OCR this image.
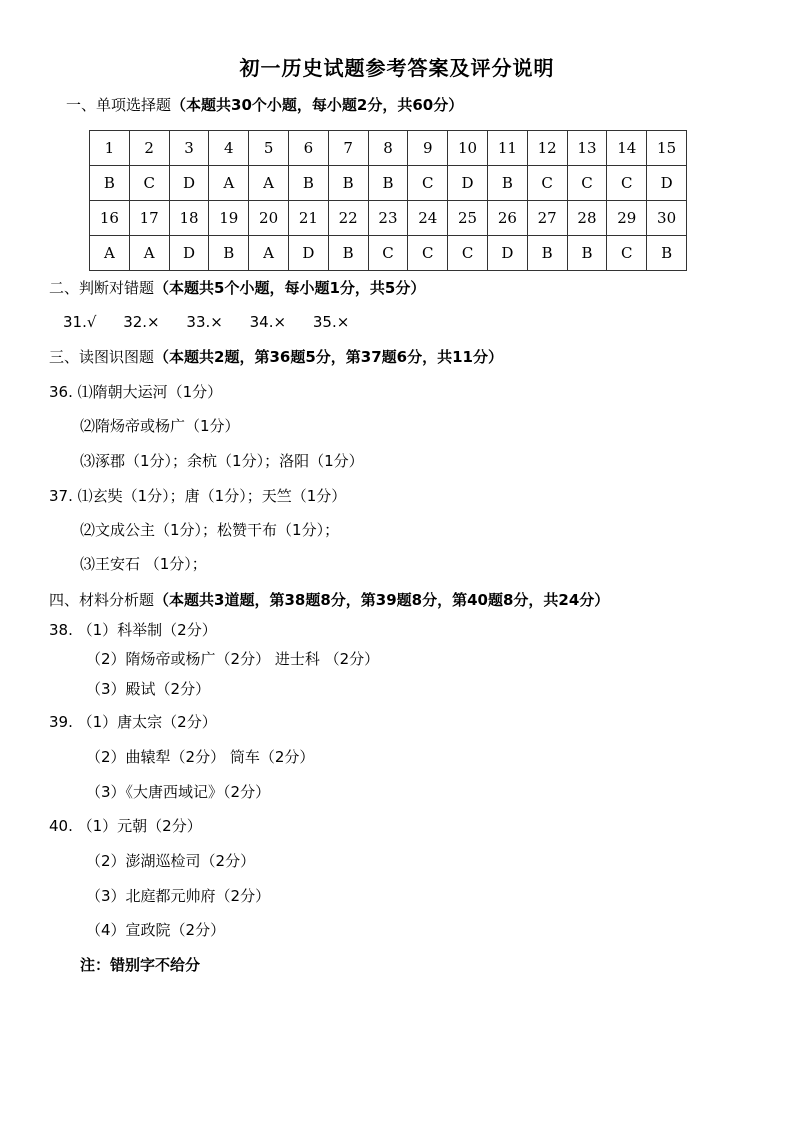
初一历史试题参考答案及评分说明
一、单项选择题（本题共30个小题，每小题2分，共60分）
1	2	3	4	5	6	7	8	9	10	11	12	13	14	15
B	C	D	A	A	B	B	B	C	D	B	C	C	C	D
16	17	18	19	20	21	22	23	24	25	26	27	28	29	30
A	A	D	B	A	D	B	C	C	C	D	B	B	C	B
二、判断对错题（本题共5个小题，每小题1分，共5分）
31.√ 32.× 33.× 34.× 35.×
三、读图识图题（本题共2题，第36题5分，第37题6分，共11分）
36. ⑴隋朝大运河（1分）
⑵隋炀帝或杨广（1分）
⑶涿郡（1分）；余杭（1分）；洛阳（1分）
37. ⑴玄奘（1分）；唐（1分）；天竺（1分）
⑵文成公主（1分）；松赞干布（1分）；
⑶王安石 （1分）；
四、材料分析题（本题共3道题，第38题8分，第39题8分，第40题8分，共24分）
38. （1）科举制（2分）
（2）隋炀帝或杨广（2分） 进士科 （2分）
（3）殿试（2分）
39. （1）唐太宗（2分）
（2）曲辕犁（2分） 筒车（2分）
（3）《大唐西域记》（2分）
40. （1）元朝（2分）
（2）澎湖巡检司（2分）
（3）北庭都元帅府（2分）
（4）宣政院（2分）
注：错别字不给分
